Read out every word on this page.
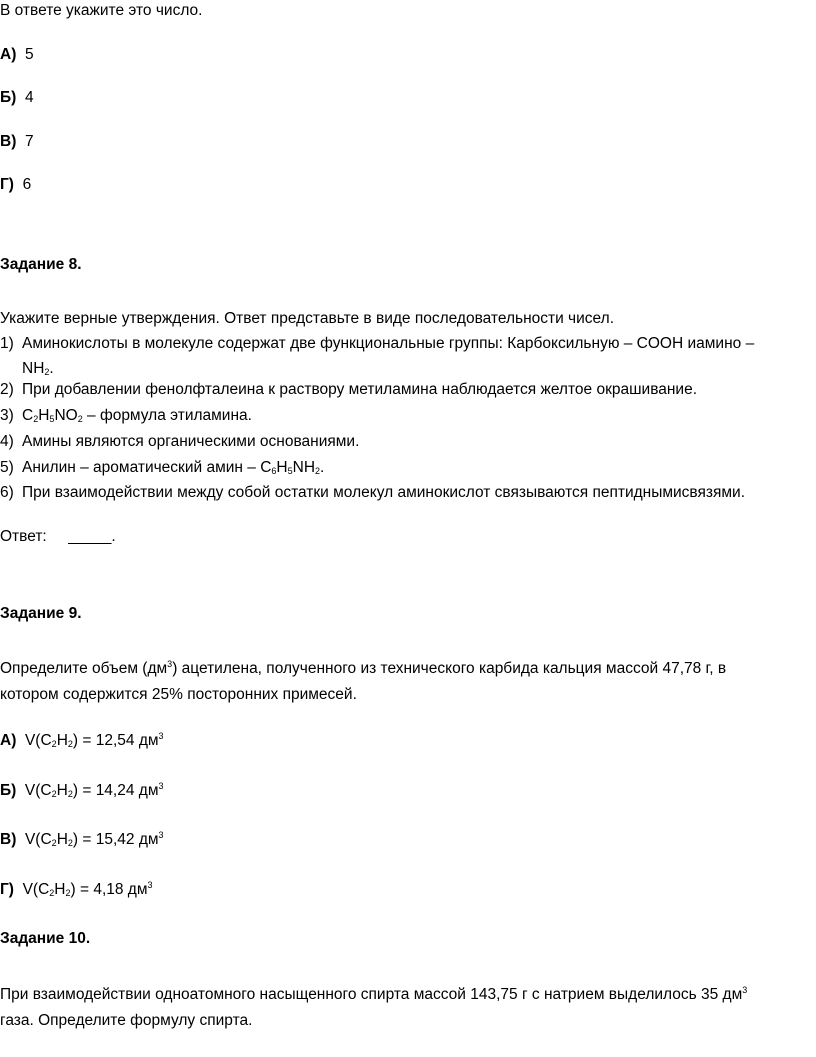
В ответе укажите это число.
А) 5
Б) 4
В) 7
Г) 6
Задание 8.
Укажите верные утверждения. Ответ представьте в виде последовательности чисел.
1) Аминокислоты в молекуле содержат две функциональные группы: Карбоксильную – COOH иамино –
$NH_2$.
2) При добавлении фенолфталеина к раствору метиламина наблюдается желтое окрашивание.
3) $C_2H_5NO_2$ – формула этиламина.
4) Амины являются органическими основаниями.
5) Анилин – ароматический амин – $C_6H_5NH_2$.
6) При взаимодействии между собой остатки молекул аминокислот связываются пептиднымисвязями.
Ответ: _____.
Задание 9.
Определите объем $(дм^3)$ ацетилена, полученного из технического карбида кальция массой 47,78 г, в
котором содержится 25% посторонних примесей.
А)  $V(C_2H_2) = 12,54$ $дм^3$
Б)  $V(C_2H_2) = 14,24$ $дм^3$
В)  $V(C_2H_2) = 15,42$ $дм^3$
Г)  $V(C_2H_2) = 4,18$ $дм^3$
Задание 10.
При взаимодействии одноатомного насыщенного спирта массой 143,75 г с натрием выделилось 35 $дм^3$
газа. Определите формулу спирта.
